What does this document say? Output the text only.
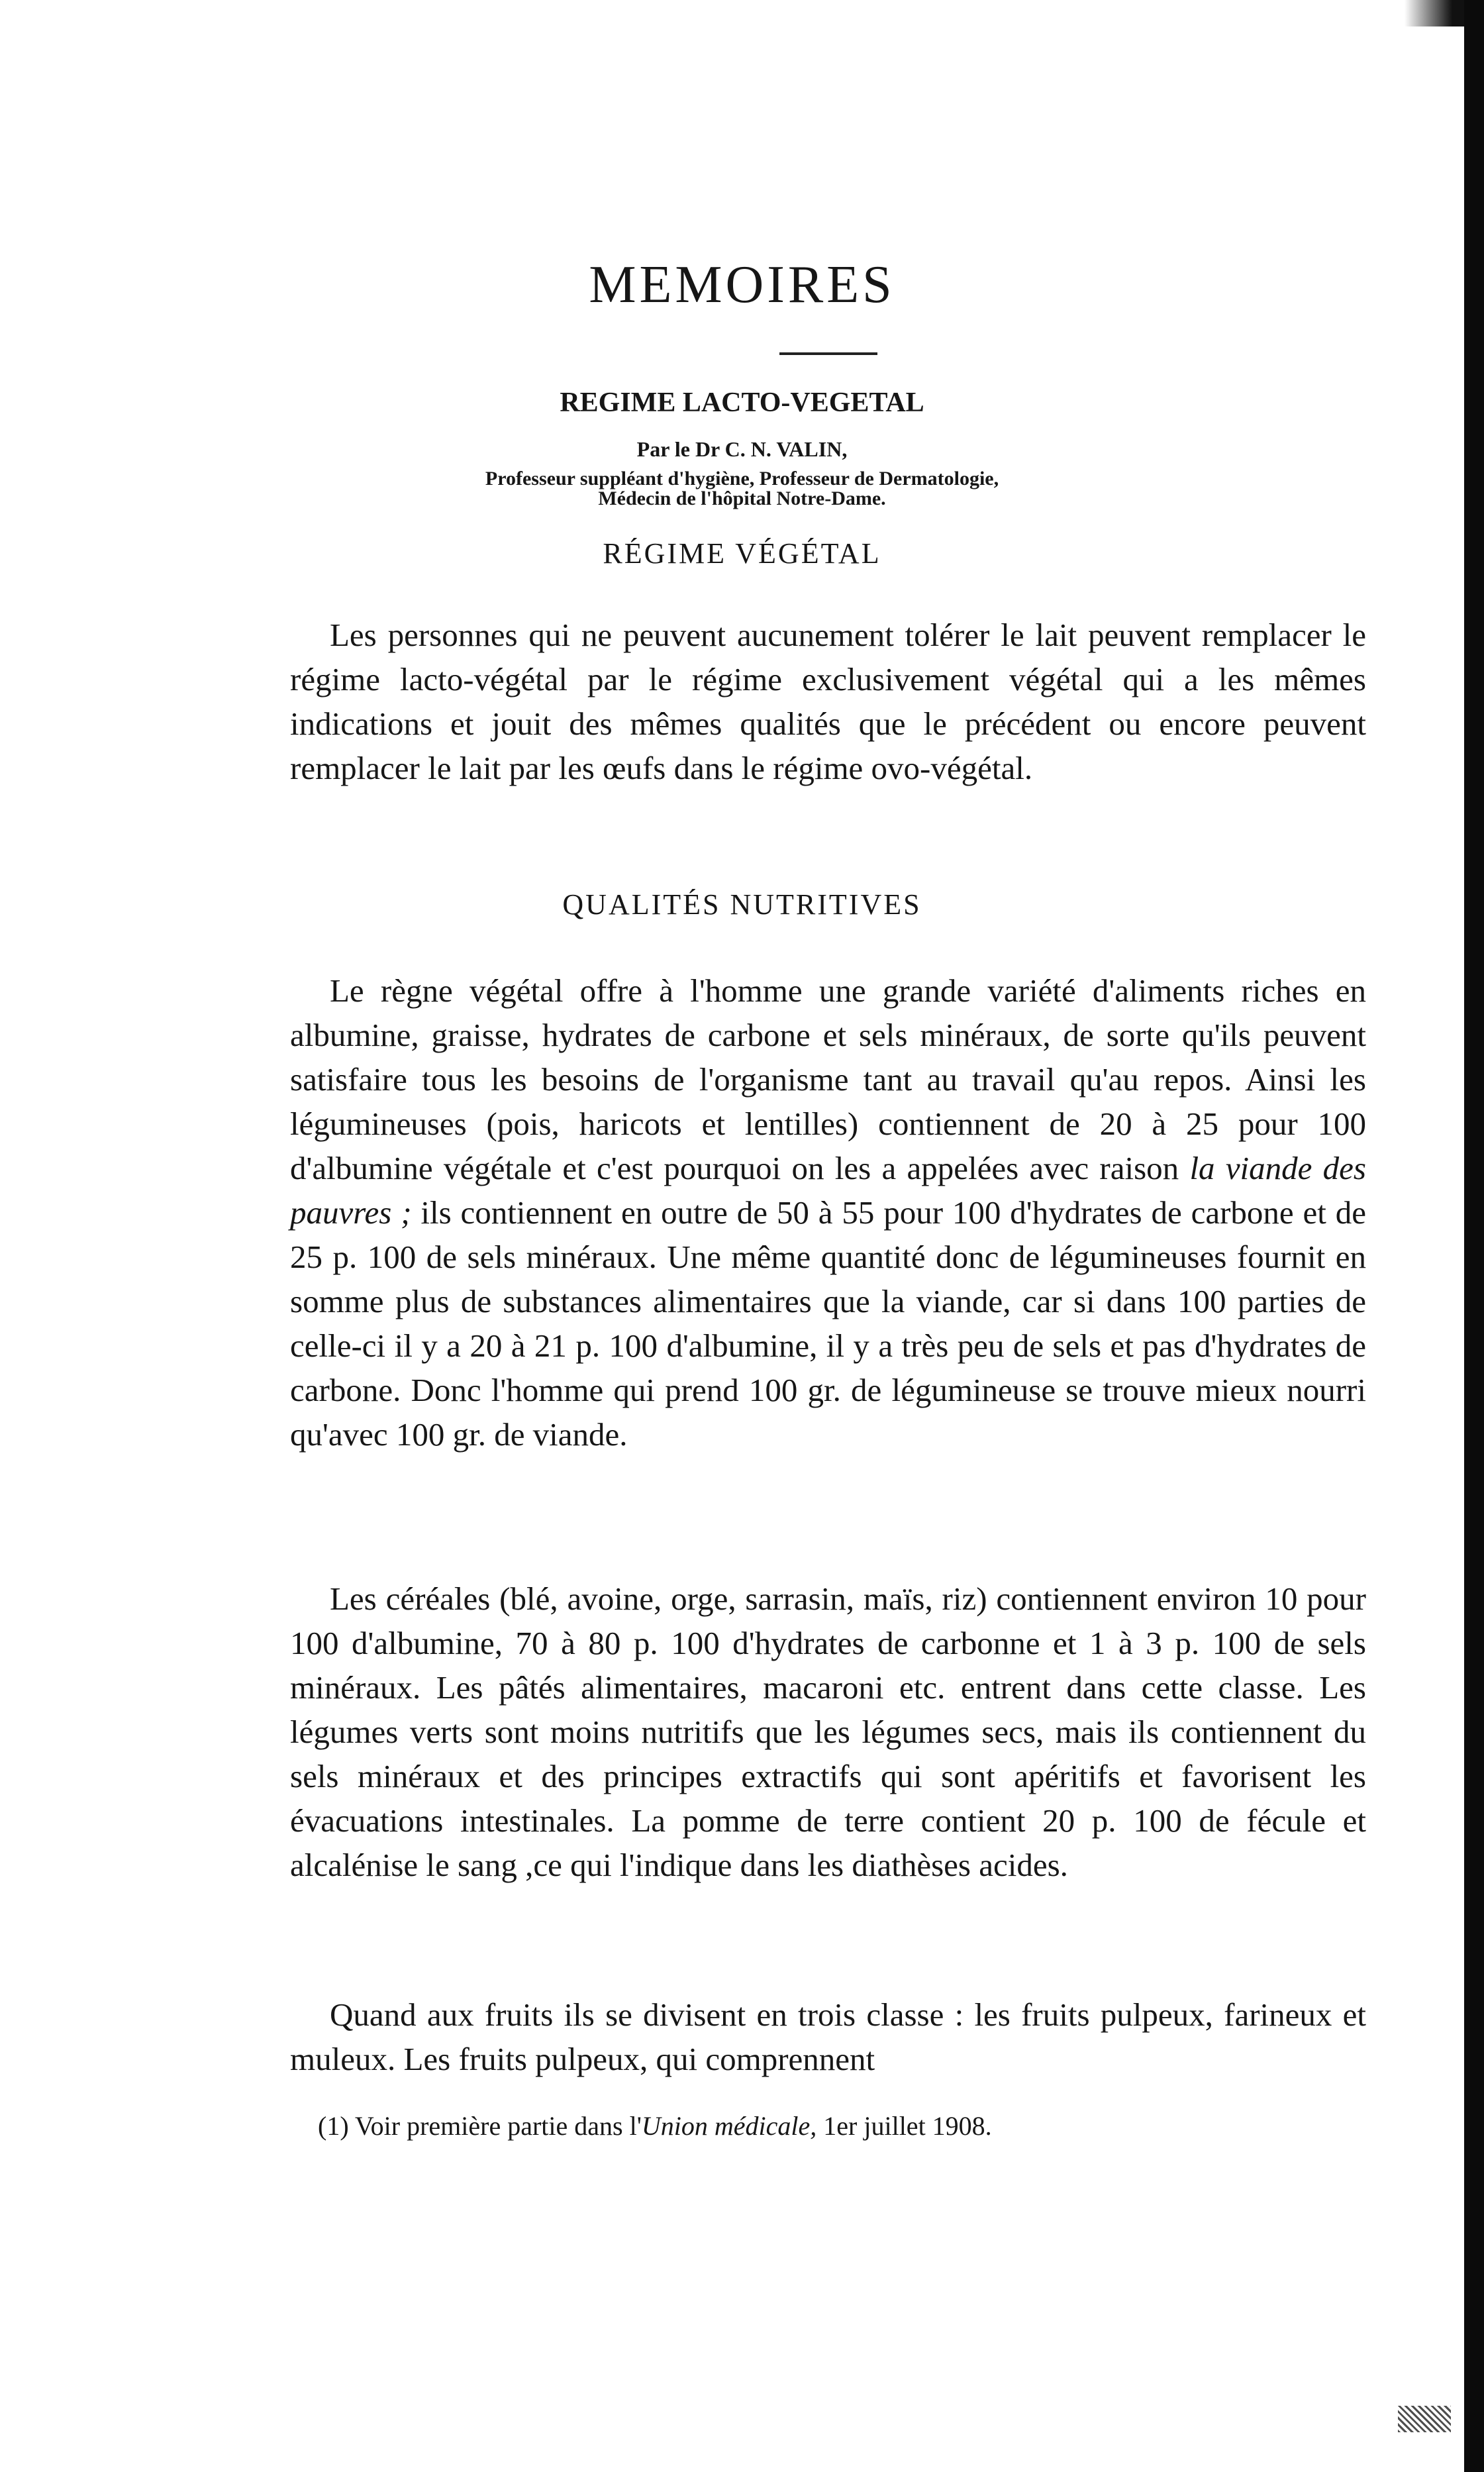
MEMOIRES
REGIME LACTO-VEGETAL
Par le Dr C. N. VALIN,
Professeur suppléant d'hygiène, Professeur de Dermatologie,
Médecin de l'hôpital Notre-Dame.
RÉGIME VÉGÉTAL

Les personnes qui ne peuvent aucunement tolérer le lait peuvent remplacer le régime lacto-végétal par le régime exclusivement végétal qui a les mêmes indications et jouit des mêmes qualités que le précédent ou encore peuvent remplacer le lait par les œufs dans le régime ovo-végétal.

QUALITÉS NUTRITIVES

Le règne végétal offre à l'homme une grande variété d'aliments riches en albumine, graisse, hydrates de carbone et sels minéraux, de sorte qu'ils peuvent satisfaire tous les besoins de l'organisme tant au travail qu'au repos. Ainsi les légumineuses (pois, haricots et lentilles) contiennent de 20 à 25 pour 100 d'albumine végétale et c'est pourquoi on les a appelées avec raison la viande des pauvres ; ils contiennent en outre de 50 à 55 pour 100 d'hydrates de carbone et de 25 p. 100 de sels minéraux. Une même quantité donc de légumineuses fournit en somme plus de substances alimentaires que la viande, car si dans 100 parties de celle-ci il y a 20 à 21 p. 100 d'albumine, il y a très peu de sels et pas d'hydrates de carbone. Donc l'homme qui prend 100 gr. de légumineuse se trouve mieux nourri qu'avec 100 gr. de viande.

Les céréales (blé, avoine, orge, sarrasin, maïs, riz) contiennent environ 10 pour 100 d'albumine, 70 à 80 p. 100 d'hydrates de carbonne et 1 à 3 p. 100 de sels minéraux. Les pâtés alimentaires, macaroni etc. entrent dans cette classe. Les légumes verts sont moins nutritifs que les légumes secs, mais ils contiennent du sels minéraux et des principes extractifs qui sont apéritifs et favorisent les évacuations intestinales. La pomme de terre contient 20 p. 100 de fécule et alcalénise le sang ,ce qui l'indique dans les diathèses acides.

Quand aux fruits ils se divisent en trois classe : les fruits pulpeux, farineux et muleux. Les fruits pulpeux, qui comprennent

(1) Voir première partie dans l'Union médicale, 1er juillet 1908.
